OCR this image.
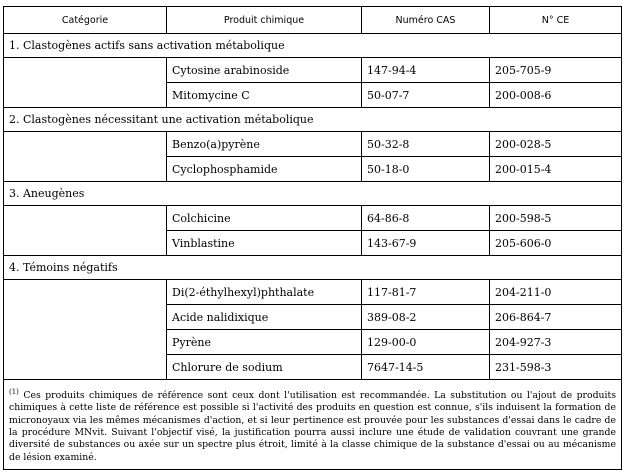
Catégorie	Produit chimique	Numéro CAS	N° CE
1. Clastogènes actifs sans activation métabolique			
	Cytosine arabinoside	147-94-4	205-705-9
	Mitomycine C	50-07-7	200-008-6
2. Clastogènes nécessitant une activation métabolique			
	Benzo(a)pyrène	50-32-8	200-028-5
	Cyclophosphamide	50-18-0	200-015-4
3. Aneugènes			
	Colchicine	64-86-8	200-598-5
	Vinblastine	143-67-9	205-606-0
4. Témoins négatifs			
	Di(2-éthylhexyl)phthalate	117-81-7	204-211-0
	Acide nalidixique	389-08-2	206-864-7
	Pyrène	129-00-0	204-927-3
	Chlorure de sodium	7647-14-5	231-598-3
$^{(1)}$ Ces produits chimiques de référence sont ceux dont l'utilisation est recommandée. La substitution ou l'ajout de produits chimiques à cette liste de référence est possible si l'activité des produits en question est connue, s'ils induisent la formation de micronoyaux via les mêmes mécanismes d'action, et si leur pertinence est prouvée pour les substances d'essai dans le cadre de la procédure MNvit. Suivant l'objectif visé, la justification pourra aussi inclure une étude de validation couvrant une grande diversité de substances ou axée sur un spectre plus étroit, limité à la classe chimique de la substance d'essai ou au mécanisme de lésion examiné.			
